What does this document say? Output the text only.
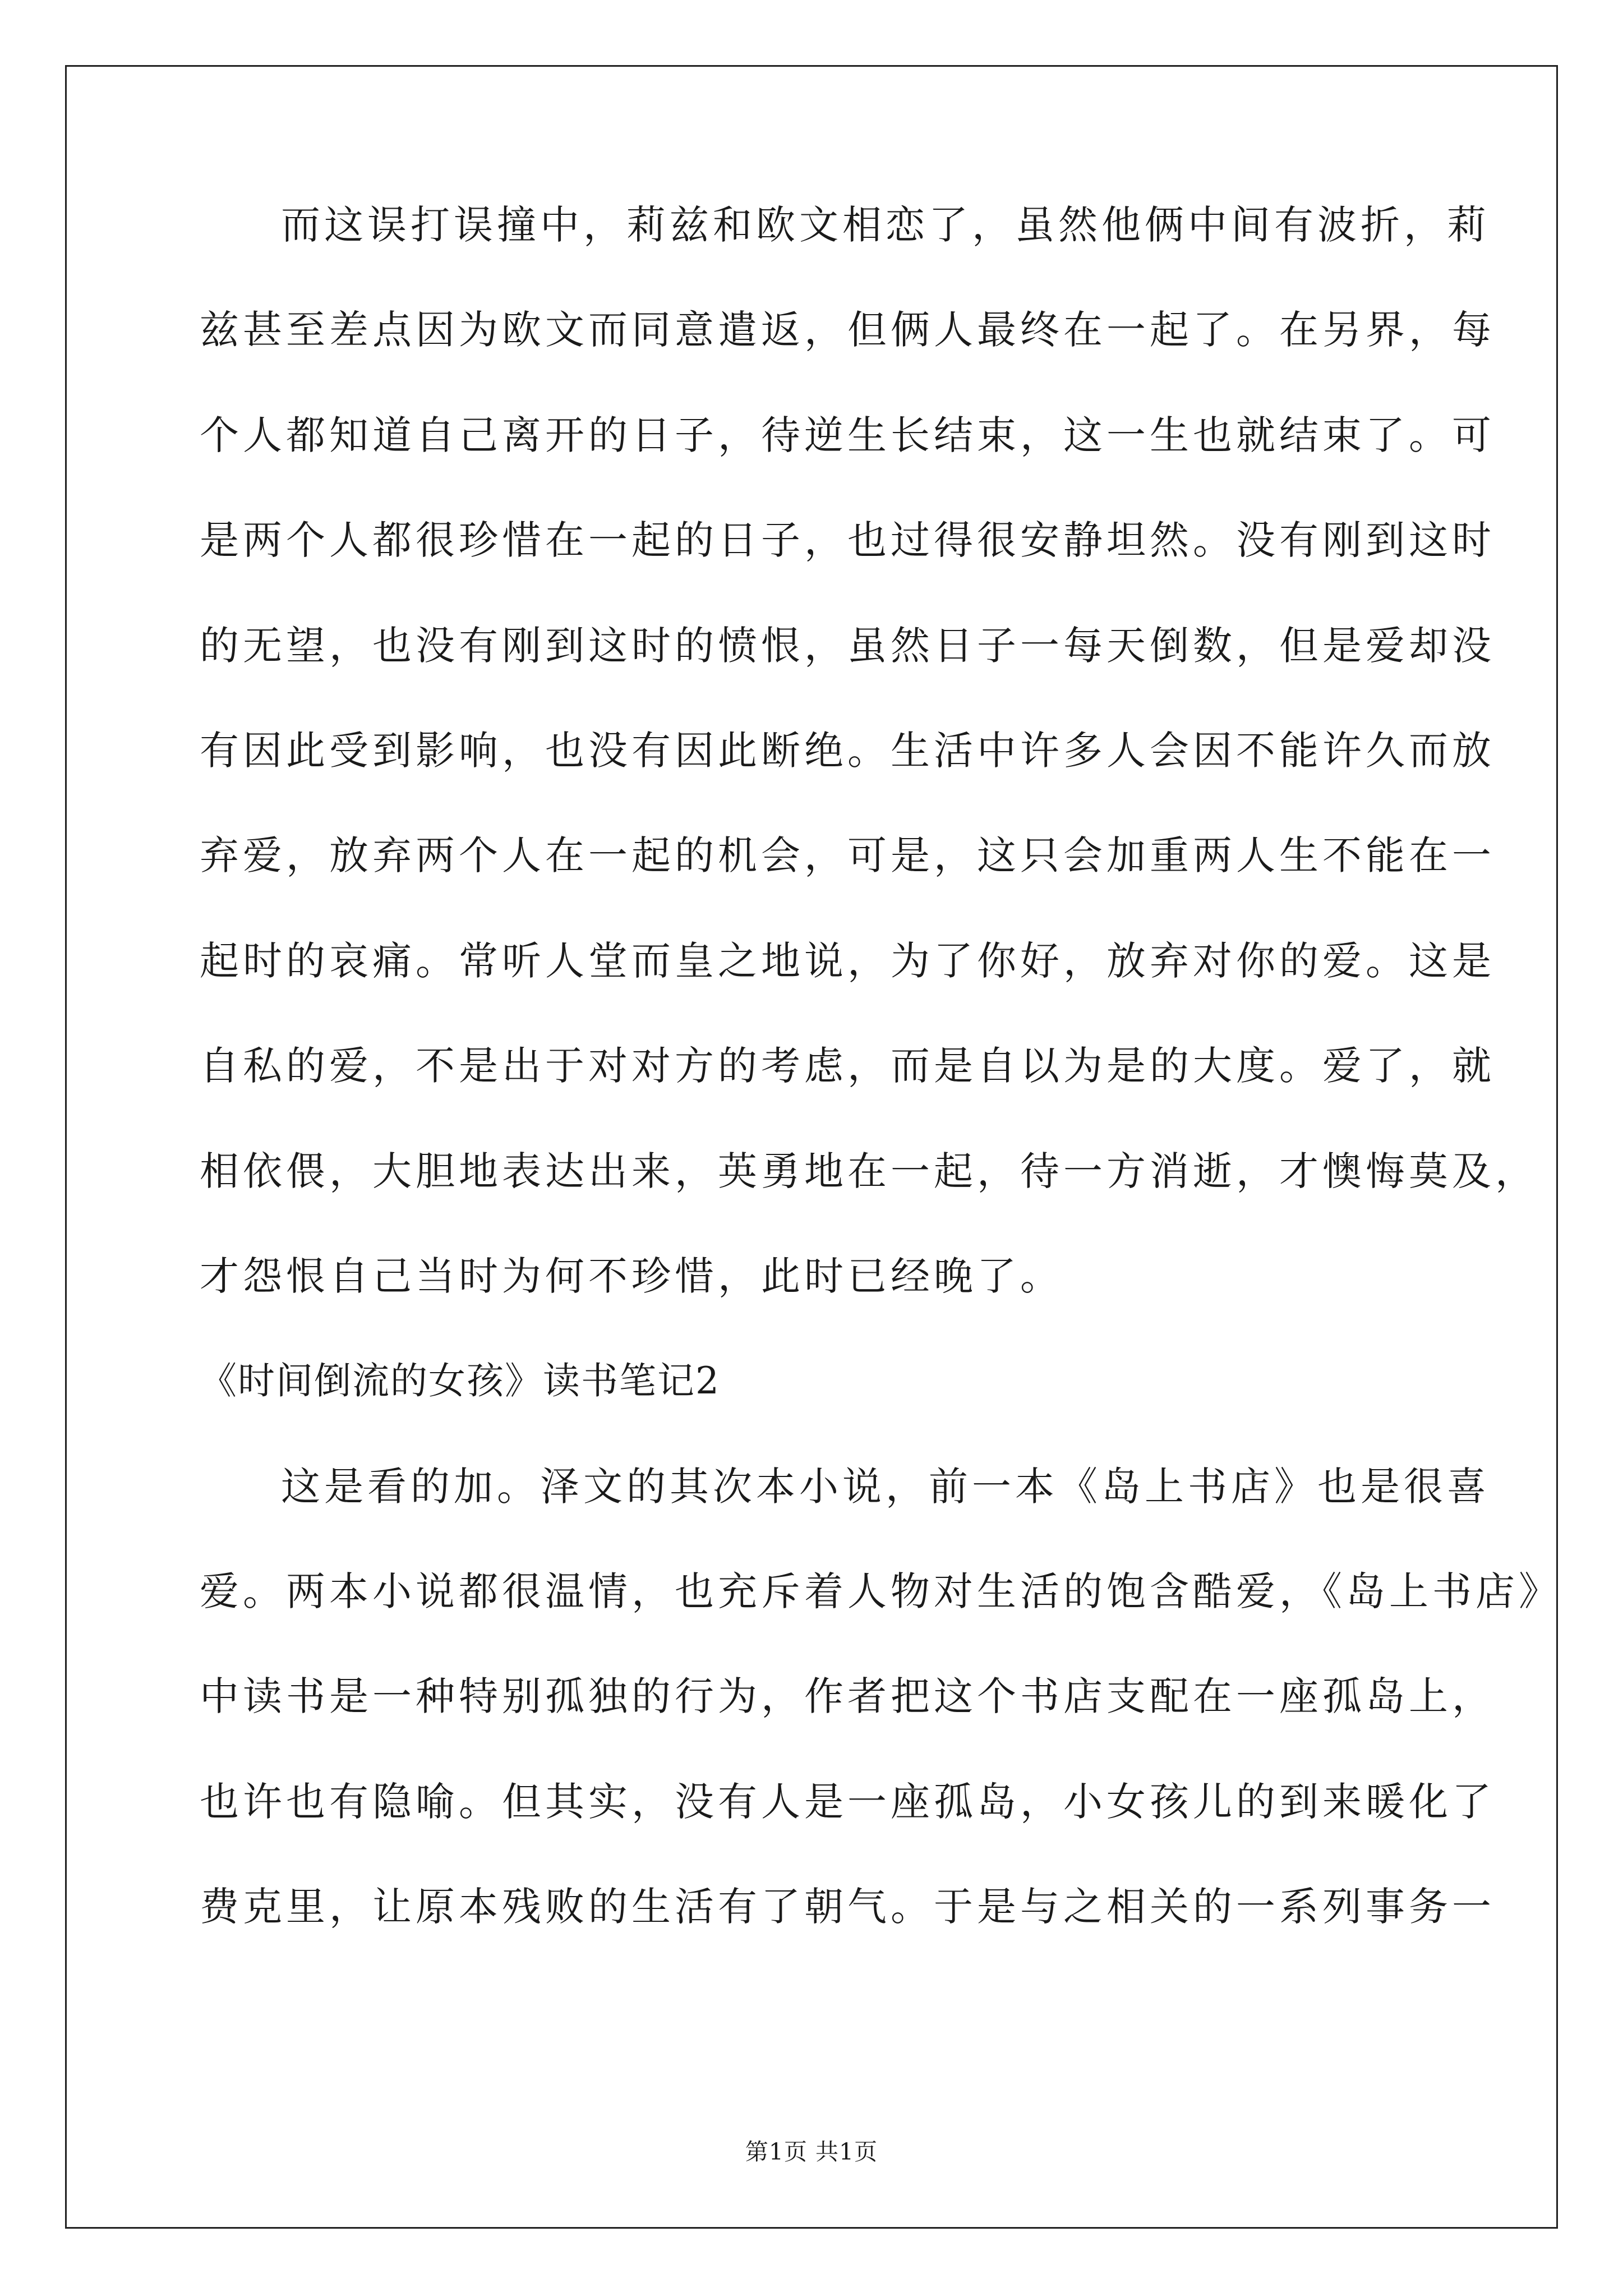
而这误打误撞中，莉兹和欧文相恋了，虽然他俩中间有波折，莉

兹甚至差点因为欧文而同意遣返，但俩人最终在一起了。在另界，每

个人都知道自己离开的日子，待逆生长结束，这一生也就结束了。可

是两个人都很珍惜在一起的日子，也过得很安静坦然。没有刚到这时

的无望，也没有刚到这时的愤恨，虽然日子一每天倒数，但是爱却没

有因此受到影响，也没有因此断绝。生活中许多人会因不能许久而放

弃爱，放弃两个人在一起的机会，可是，这只会加重两人生不能在一

起时的哀痛。常听人堂而皇之地说，为了你好，放弃对你的爱。这是

自私的爱，不是出于对对方的考虑，而是自以为是的大度。爱了，就

相依偎，大胆地表达出来，英勇地在一起，待一方消逝，才懊悔莫及，

才怨恨自己当时为何不珍惜，此时已经晚了。

《时间倒流的女孩》读书笔记2

这是看的加。泽文的其次本小说，前一本《岛上书店》也是很喜

爱。两本小说都很温情，也充斥着人物对生活的饱含酷爱，《岛上书店》

中读书是一种特别孤独的行为，作者把这个书店支配在一座孤岛上，

也许也有隐喻。但其实，没有人是一座孤岛，小女孩儿的到来暖化了

费克里，让原本残败的生活有了朝气。于是与之相关的一系列事务一

第1页 共1页
